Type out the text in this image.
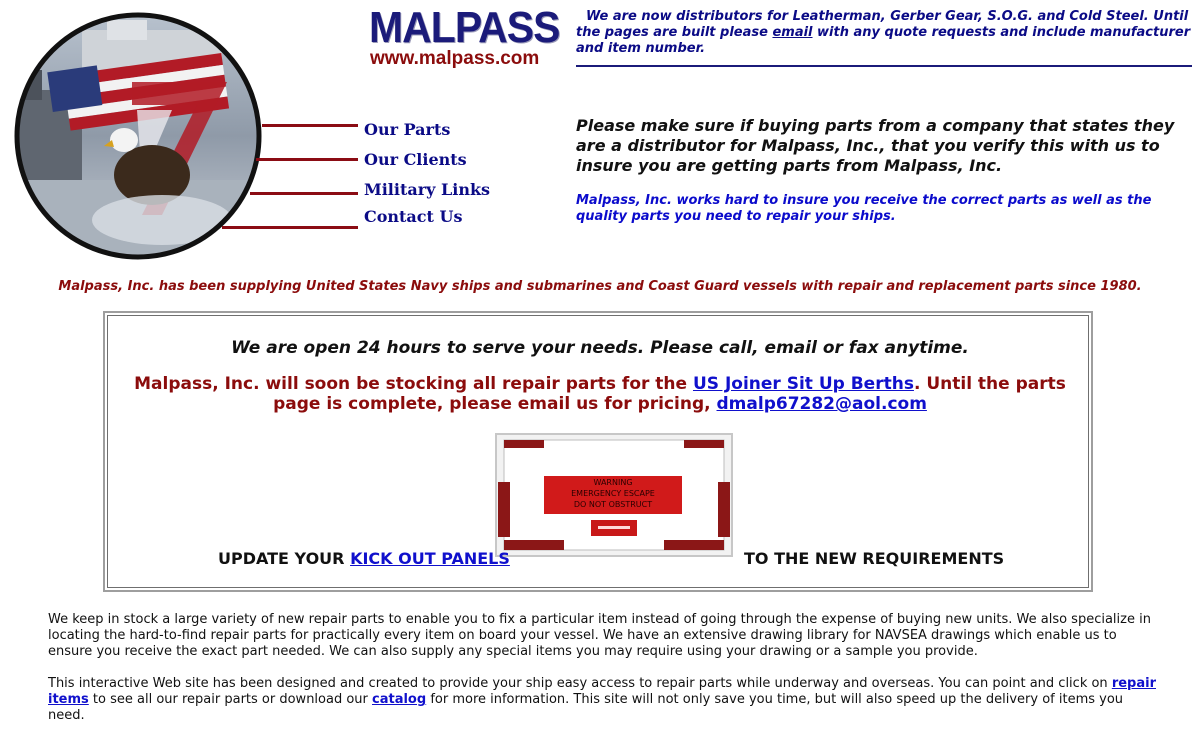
MALPASS
www.malpass.com
We are now distributors for Leatherman, Gerber Gear, S.O.G. and Cold Steel. Until the pages are built please email with any quote requests and include manufacturer and item number.
Our Parts
Our Clients
Military Links
Contact Us
Please make sure if buying parts from a company that states they are a distributor for Malpass, Inc., that you verify this with us to insure you are getting parts from Malpass, Inc.
Malpass, Inc. works hard to insure you receive the correct parts as well as the quality parts you need to repair your ships.
Malpass, Inc. has been supplying United States Navy ships and submarines and Coast Guard vessels with repair and replacement parts since 1980.
We are open 24 hours to serve your needs. Please call, email or fax anytime.
Malpass, Inc. will soon be stocking all repair parts for the US Joiner Sit Up Berths. Until the parts page is complete, please email us for pricing, dmalp67282@aol.com
WARNING
EMERGENCY ESCAPE
DO NOT OBSTRUCT
UPDATE YOUR KICK OUT PANELS	TO THE NEW REQUIREMENTS
We keep in stock a large variety of new repair parts to enable you to fix a particular item instead of going through the expense of buying new units. We also specialize in locating the hard-to-find repair parts for practically every item on board your vessel. We have an extensive drawing library for NAVSEA drawings which enable us to ensure you receive the exact part needed. We can also supply any special items you may require using your drawing or a sample you provide.
This interactive Web site has been designed and created to provide your ship easy access to repair parts while underway and overseas. You can point and click on repair items to see all our repair parts or download our catalog for more information. This site will not only save you time, but will also speed up the delivery of items you need.
